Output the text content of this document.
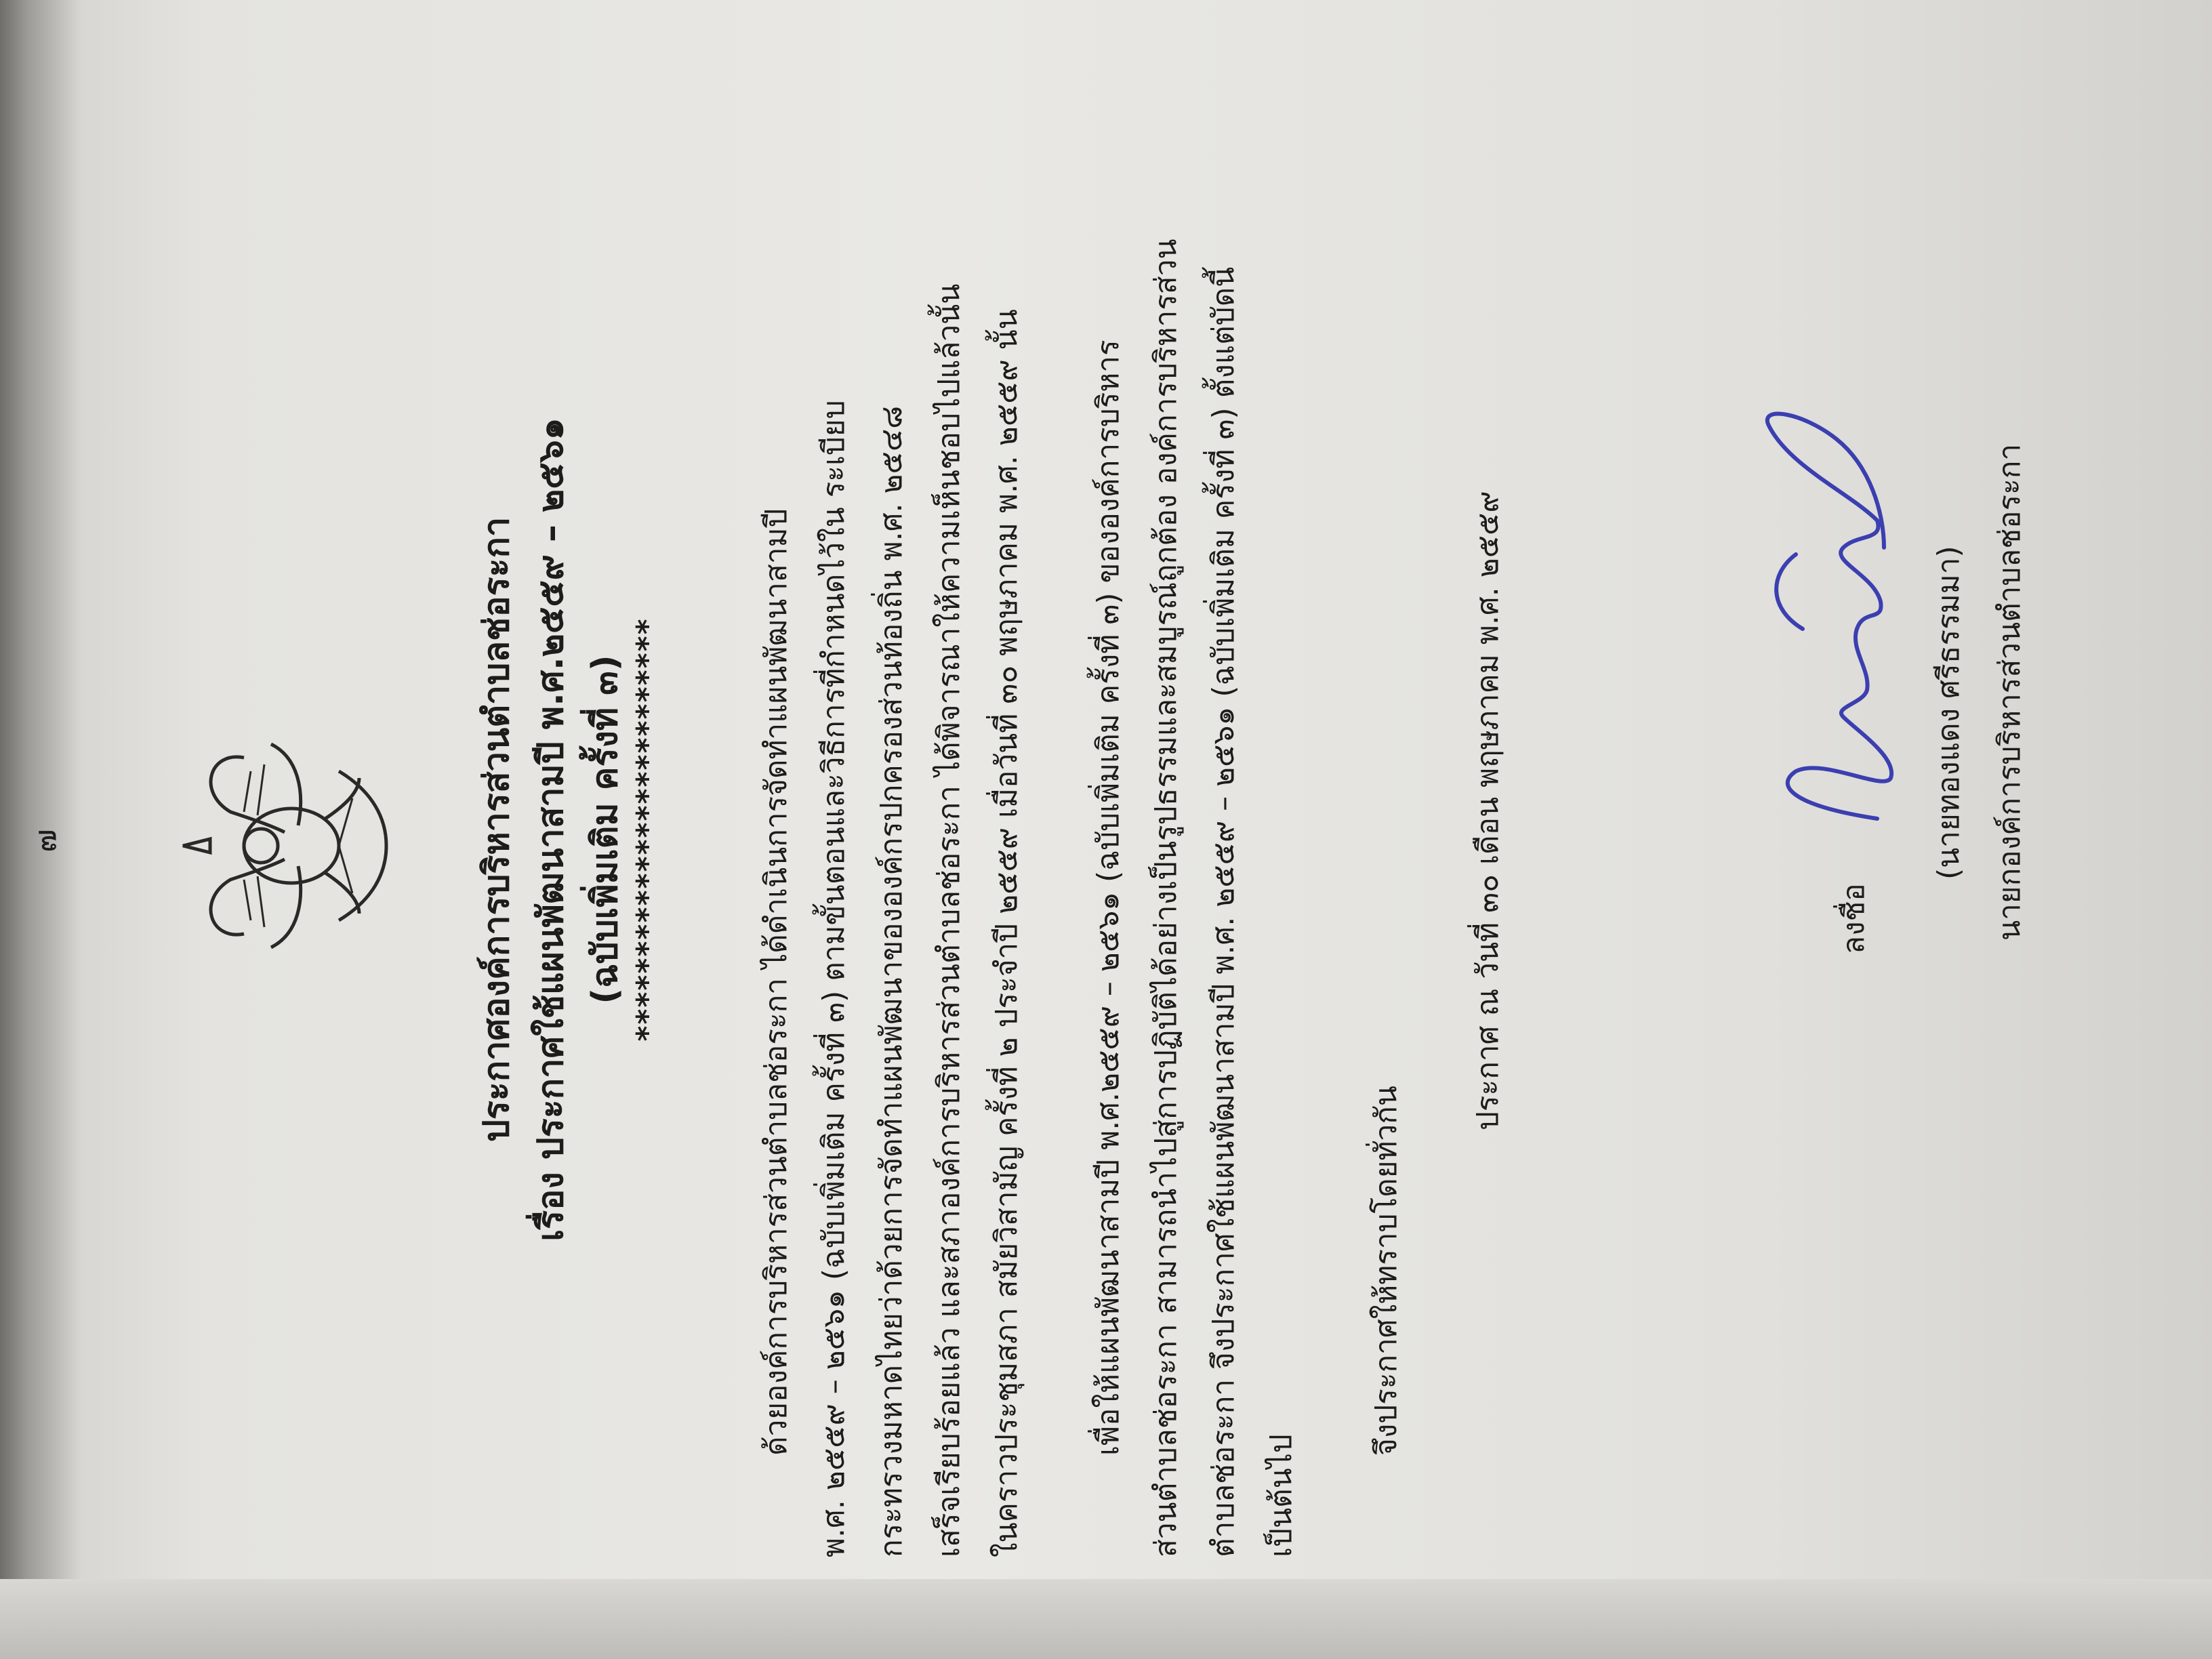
๗	ประกาศองค์การบริหารส่วนตำบลช่อระกา เรื่อง ประกาศใช้แผนพัฒนาสามปี พ.ศ.๒๕๕๙ – ๒๕๖๑ (ฉบับเพิ่มเติม ครั้งที่ ๓) *************************	ด้วยองค์การบริหารส่วนตำบลช่อระกา ได้ดำเนินการจัดทำแผนพัฒนาสามปี พ.ศ. ๒๕๕๙ – ๒๕๖๑ (ฉบับเพิ่มเติม ครั้งที่ ๓) ตามขั้นตอนและวิธีการที่กำหนดไว้ใน ระเบียบ กระทรวงมหาดไทยว่าด้วยการจัดทำแผนพัฒนาขององค์กรปกครองส่วนท้องถิ่น พ.ศ. ๒๕๔๘ เสร็จเรียบร้อยแล้ว และสภาองค์การบริหารส่วนตำบลช่อระกา ได้พิจารณาให้ความเห็นชอบไปแล้วนั้น ในคราวประชุมสภา สมัยวิสามัญ ครั้งที่ ๒ ประจำปี ๒๕๕๙ เมื่อวันที่ ๓๐ พฤษภาคม พ.ศ. ๒๕๕๙ นั้น เพื่อให้แผนพัฒนาสามปี พ.ศ.๒๕๕๙ – ๒๕๖๑ (ฉบับเพิ่มเติม ครั้งที่ ๓) ขององค์การบริหาร ส่วนตำบลช่อระกา สามารถนำไปสู่การปฏิบัติได้อย่างเป็นรูปธรรมและสมบูรณ์ถูกต้อง องค์การบริหารส่วน ตำบลช่อระกา จึงประกาศใช้แผนพัฒนาสามปี พ.ศ. ๒๕๕๙ – ๒๕๖๑ (ฉบับเพิ่มเติม ครั้งที่ ๓) ตั้งแต่บัดนี้ เป็นต้นไป

จึงประกาศให้ทราบโดยทั่วกัน

ประกาศ ณ วันที่ ๓๐ เดือน พฤษภาคม พ.ศ. ๒๕๕๙	ลงชื่อ

(นายทองแดง ศรีธรรมมา) นายกองค์การบริหารส่วนตำบลช่อระกา
